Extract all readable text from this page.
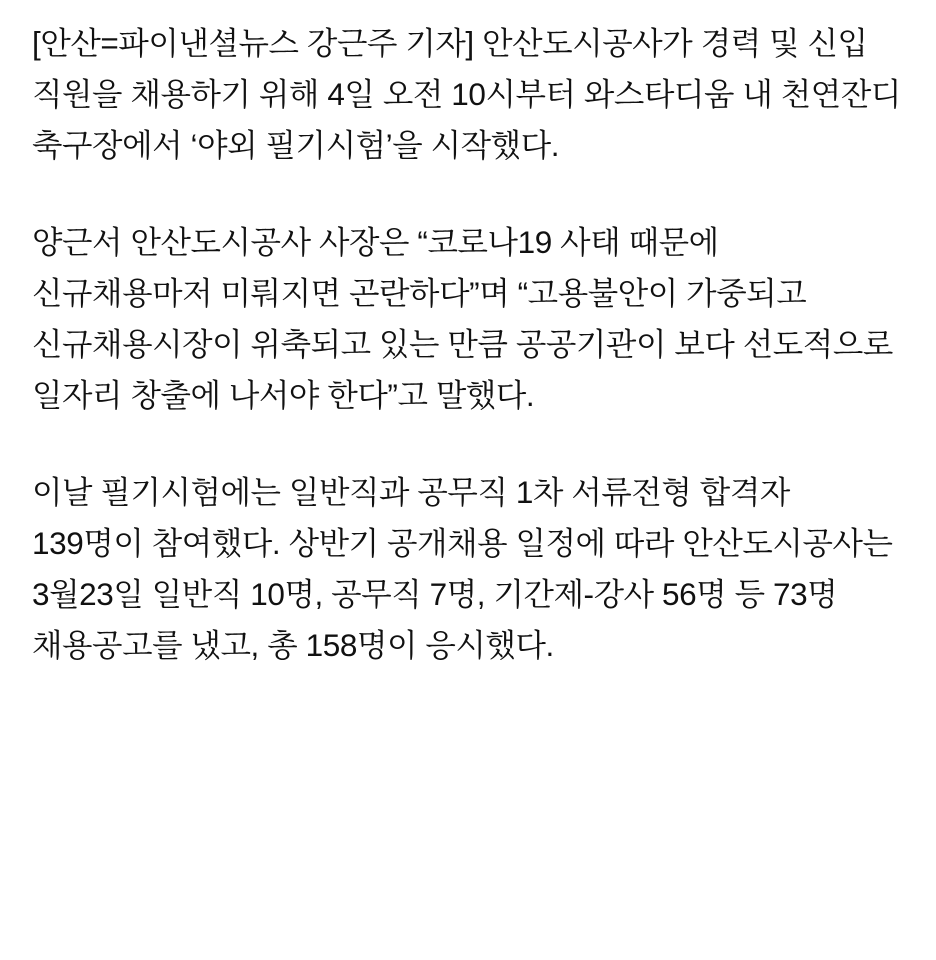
[안산=파이낸셜뉴스 강근주 기자] 안산도시공사가 경력 및 신입 직원을 채용하기 위해 4일 오전 10시부터 와스타디움 내 천연잔디 축구장에서 ‘야외 필기시험’을 시작했다.

양근서 안산도시공사 사장은 “코로나19 사태 때문에 신규채용마저 미뤄지면 곤란하다”며 “고용불안이 가중되고 신규채용시장이 위축되고 있는 만큼 공공기관이 보다 선도적으로 일자리 창출에 나서야 한다”고 말했다.

이날 필기시험에는 일반직과 공무직 1차 서류전형 합격자 139명이 참여했다. 상반기 공개채용 일정에 따라 안산도시공사는 3월23일 일반직 10명, 공무직 7명, 기간제-강사 56명 등 73명 채용공고를 냈고, 총 158명이 응시했다.
